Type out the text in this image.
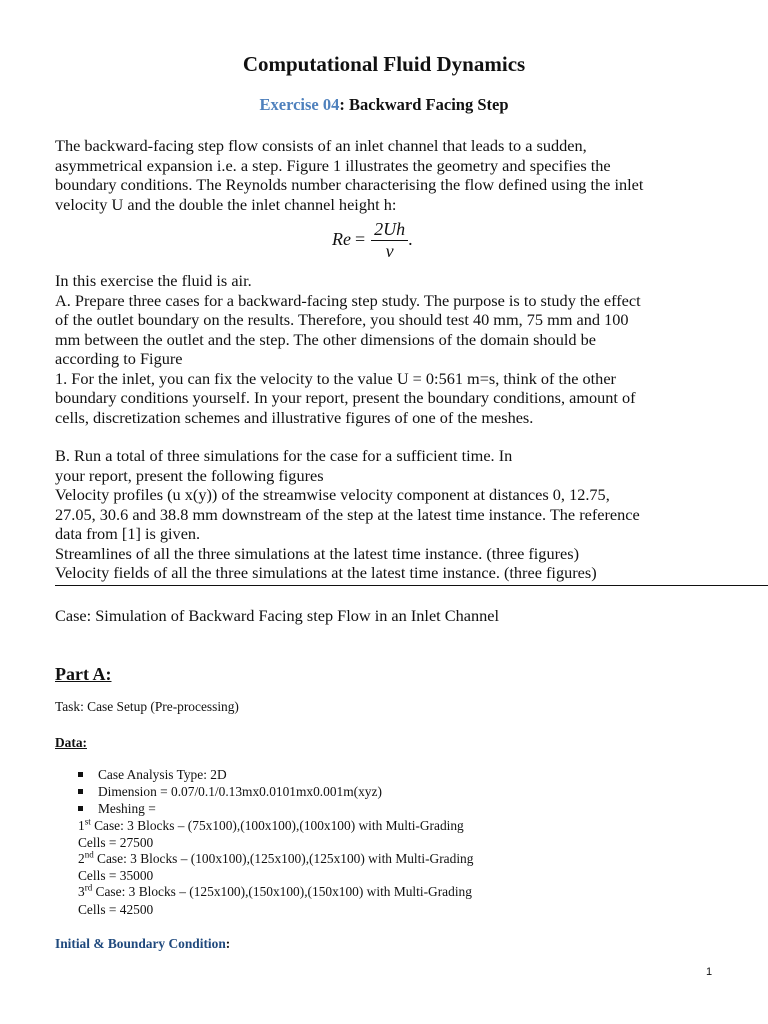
Computational Fluid Dynamics
Exercise 04: Backward Facing Step
The backward-facing step flow consists of an inlet channel that leads to a sudden,
asymmetrical expansion i.e. a step. Figure 1 illustrates the geometry and specifies the
boundary conditions. The Reynolds number characterising the flow defined using the inlet
velocity U and the double the inlet channel height h:
$Re = \frac{2Uh}{\nu}$ .
In this exercise the fluid is air.
A. Prepare three cases for a backward-facing step study. The purpose is to study the effect
of the outlet boundary on the results. Therefore, you should test 40 mm, 75 mm and 100
mm between the outlet and the step. The other dimensions of the domain should be
according to Figure
1. For the inlet, you can fix the velocity to the value U = 0:561 m=s, think of the other
boundary conditions yourself. In your report, present the boundary conditions, amount of
cells, discretization schemes and illustrative figures of one of the meshes.
B. Run a total of three simulations for the case for a sufficient time. In
your report, present the following figures
Velocity profiles (u x(y)) of the streamwise velocity component at distances 0, 12.75,
27.05, 30.6 and 38.8 mm downstream of the step at the latest time instance. The reference
data from [1] is given.
Streamlines of all the three simulations at the latest time instance. (three figures)
Velocity fields of all the three simulations at the latest time instance. (three figures)
Case: Simulation of Backward Facing step Flow in an Inlet Channel
Part A:
Task: Case Setup (Pre-processing)
Data:
Case Analysis Type: 2D
Dimension = 0.07/0.1/0.13mx0.0101mx0.001m(xyz)
Meshing =
1st Case: 3 Blocks – (75x100),(100x100),(100x100) with Multi-Grading
Cells = 27500
2nd Case: 3 Blocks – (100x100),(125x100),(125x100) with Multi-Grading
Cells = 35000
3rd Case: 3 Blocks – (125x100),(150x100),(150x100) with Multi-Grading
Cells = 42500
Initial & Boundary Condition:
1
